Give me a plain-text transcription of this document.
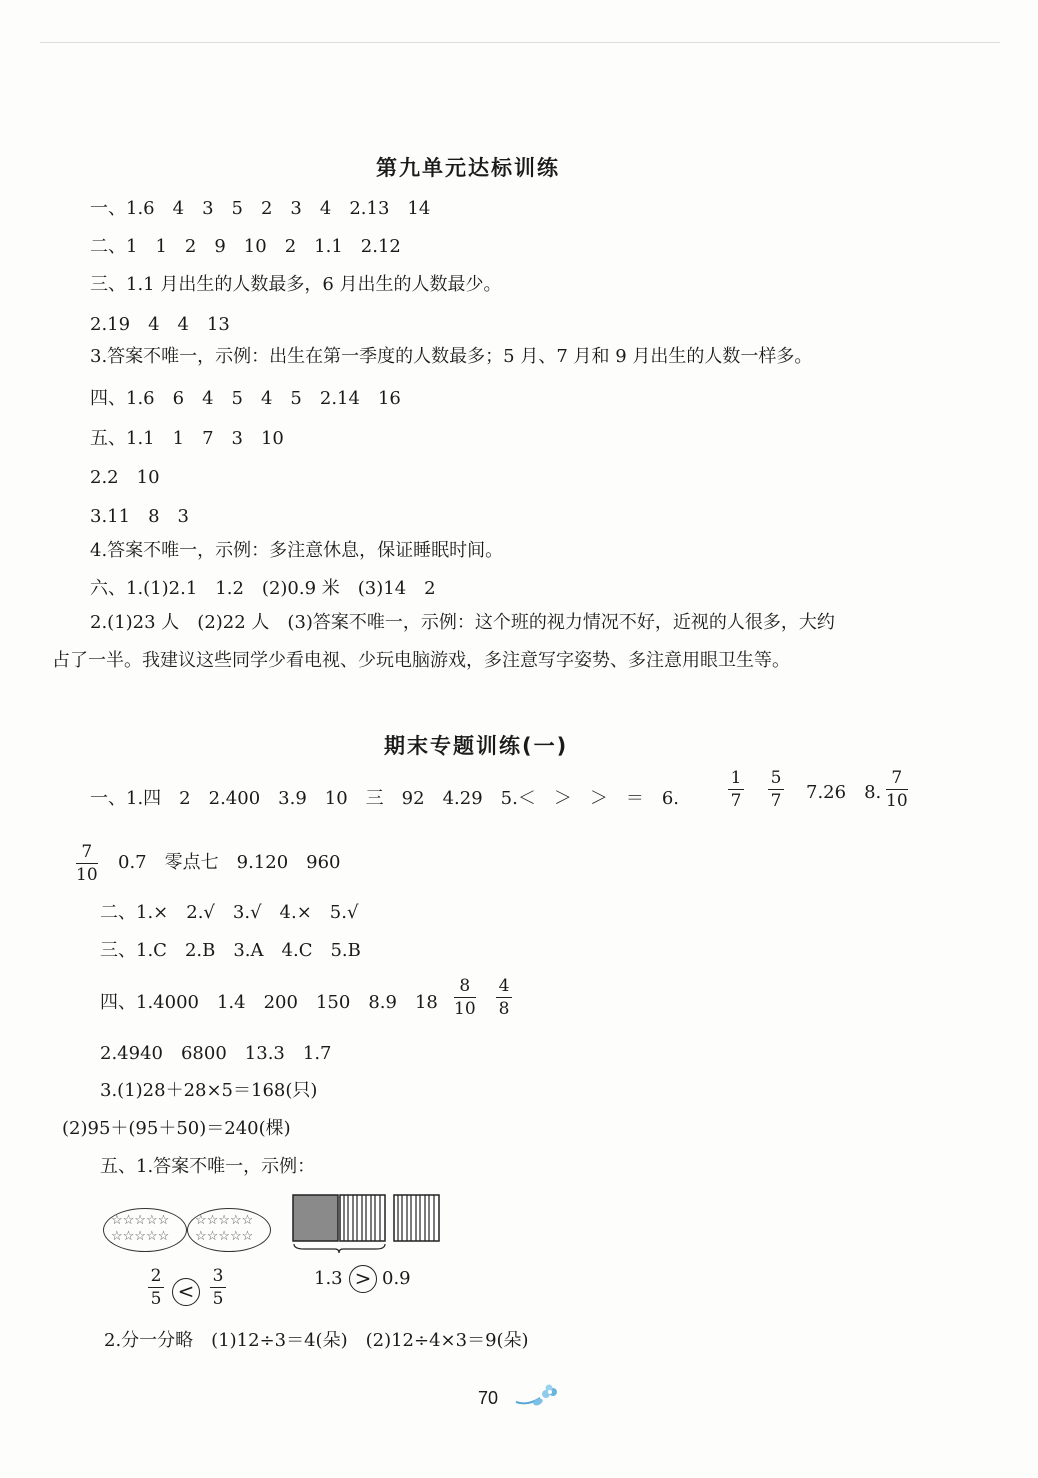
第九单元达标训练
一、1.6　4　3　5　2　3　4　2.13　14
二、1　1　2　9　10　2　1.1　2.12
三、1.1 月出生的人数最多，6 月出生的人数最少。
2.19　4　4　13
3.答案不唯一，示例：出生在第一季度的人数最多；5 月、7 月和 9 月出生的人数一样多。
四、1.6　6　4　5　4　5　2.14　16
五、1.1　1　7　3　10
2.2　10
3.11　8　3
4.答案不唯一，示例：多注意休息，保证睡眠时间。
六、1.(1)2.1　1.2　(2)0.9 米　(3)14　2
2.(1)23 人　(2)22 人　(3)答案不唯一，示例：这个班的视力情况不好，近视的人很多，大约
占了一半。我建议这些同学少看电视、少玩电脑游戏，多注意写字姿势、多注意用眼卫生等。
期末专题训练(一)
一、1.四　2　2.400　3.9　10　三　92　4.29　5.＜　＞　＞　＝　6.
1
7
5
7 7.26　8.
7
10
7
10
0.7　零点七　9.120　960
二、1.×　2.√　3.√　4.×　5.√
三、1.C　2.B　3.A　4.C　5.B
四、1.4000　1.4　200　150　8.9　18
8
10
4
8
2.4940　6800　13.3　1.7
3.(1)28＋28×5＝168(只)
(2)95＋(95＋50)＝240(棵)
五、1.答案不唯一，示例：
☆☆☆☆☆
☆☆☆☆☆
☆☆☆☆☆
☆☆☆☆☆
2
5 <
3
5
1.3 > 0.9
2.分一分略　(1)12÷3＝4(朵)　(2)12÷4×3＝9(朵)
70
